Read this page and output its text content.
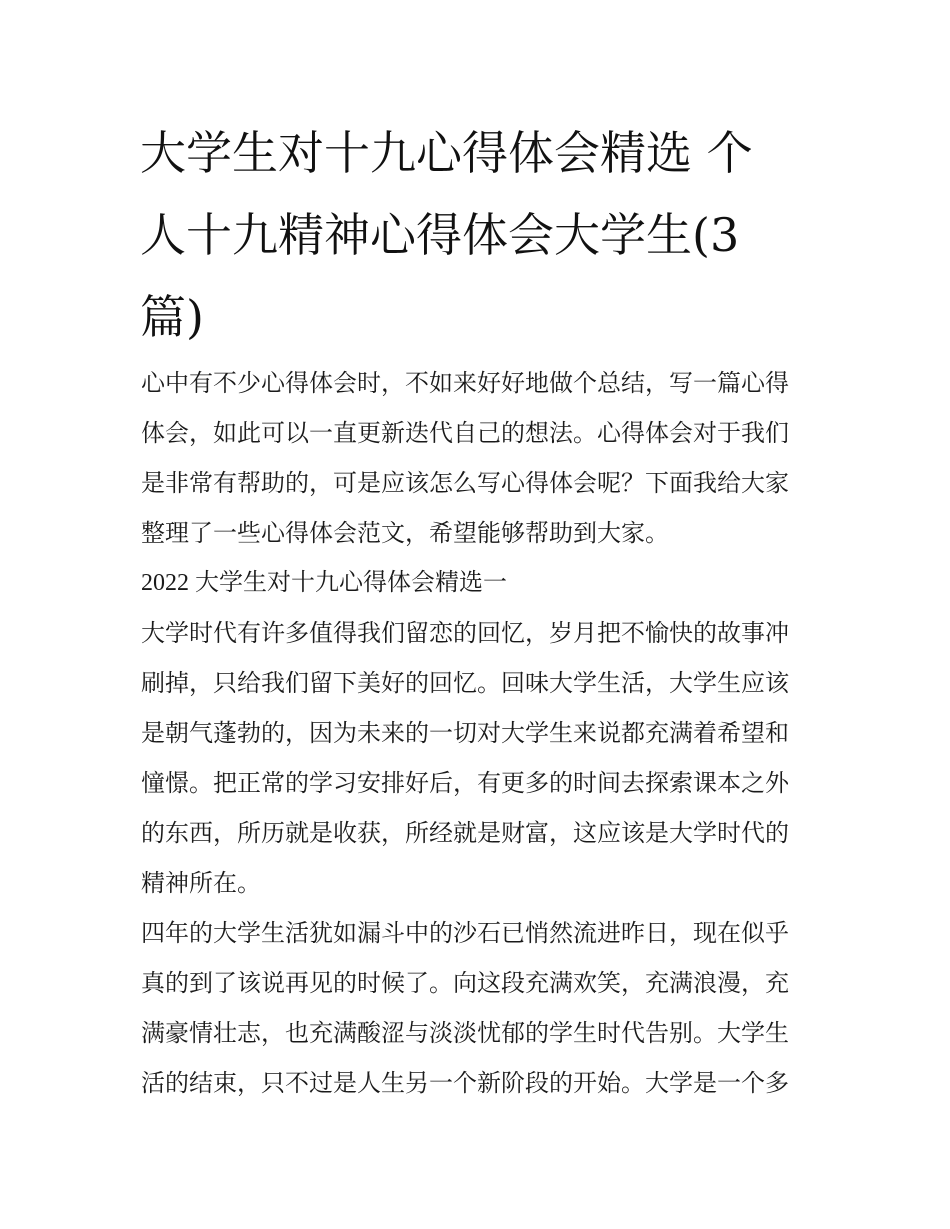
大学生对十九心得体会精选 个
人十九精神心得体会大学生(3
篇)
心中有不少心得体会时，不如来好好地做个总结，写一篇心得
体会，如此可以一直更新迭代自己的想法。心得体会对于我们
是非常有帮助的，可是应该怎么写心得体会呢？下面我给大家
整理了一些心得体会范文，希望能够帮助到大家。
2022 大学生对十九心得体会精选一
大学时代有许多值得我们留恋的回忆，岁月把不愉快的故事冲
刷掉，只给我们留下美好的回忆。回味大学生活，大学生应该
是朝气蓬勃的，因为未来的一切对大学生来说都充满着希望和
憧憬。把正常的学习安排好后，有更多的时间去探索课本之外
的东西，所历就是收获，所经就是财富，这应该是大学时代的
精神所在。
四年的大学生活犹如漏斗中的沙石已悄然流进昨日，现在似乎
真的到了该说再见的时候了。向这段充满欢笑，充满浪漫，充
满豪情壮志，也充满酸涩与淡淡忧郁的学生时代告别。大学生
活的结束，只不过是人生另一个新阶段的开始。大学是一个多
